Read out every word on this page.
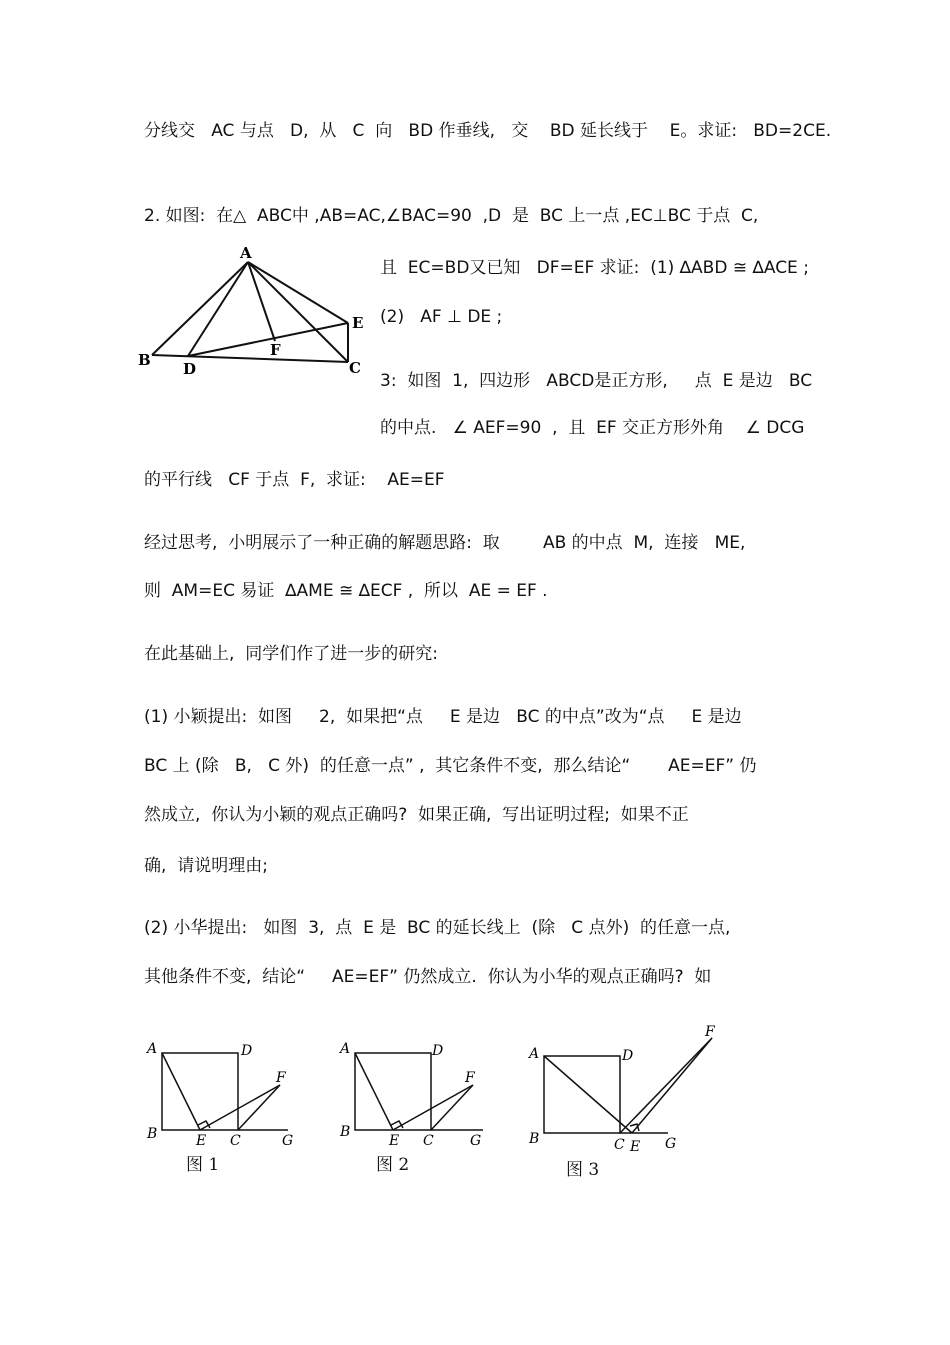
分线交   AC 与点   D,  从   C  向   BD 作垂线,   交    BD 延长线于    E。求证:   BD=2CE.
2. 如图:  在△  ABC中 ,AB=AC,∠BAC=90  ,D  是  BC 上一点 ,EC⊥BC 于点  C,
且  EC=BD又已知   DF=EF 求证:  (1) ∆ABD ≅ ∆ACE ;
(2)   AF ⊥ DE ;
3:  如图  1,  四边形   ABCD是正方形,     点  E 是边   BC
的中点.   ∠ AEF=90  ,  且  EF 交正方形外角    ∠ DCG
的平行线   CF 于点  F,  求证:    AE=EF
经过思考,  小明展示了一种正确的解题思路:  取        AB 的中点  M,  连接   ME,
则  AM=EC 易证  ∆AME ≅ ∆ECF ,  所以  AE = EF .
在此基础上,  同学们作了进一步的研究:
(1) 小颖提出:  如图     2,  如果把“点     E 是边   BC 的中点”改为“点     E 是边
BC 上 (除   B,   C 外)  的任意一点” ,  其它条件不变,  那么结论“       AE=EF” 仍
然成立,  你认为小颖的观点正确吗?  如果正确,  写出证明过程;  如果不正
确,  请说明理由;
(2) 小华提出:   如图  3,  点  E 是  BC 的延长线上  (除   C 点外)  的任意一点,
其他条件不变,  结论“     AE=EF” 仍然成立.  你认为小华的观点正确吗?  如
A
B D
F
C
E
A	D
B	E C	G
F
图 1
A	D
B
E C	G
F
图 2
A	D
B	C E G
F
图 3
